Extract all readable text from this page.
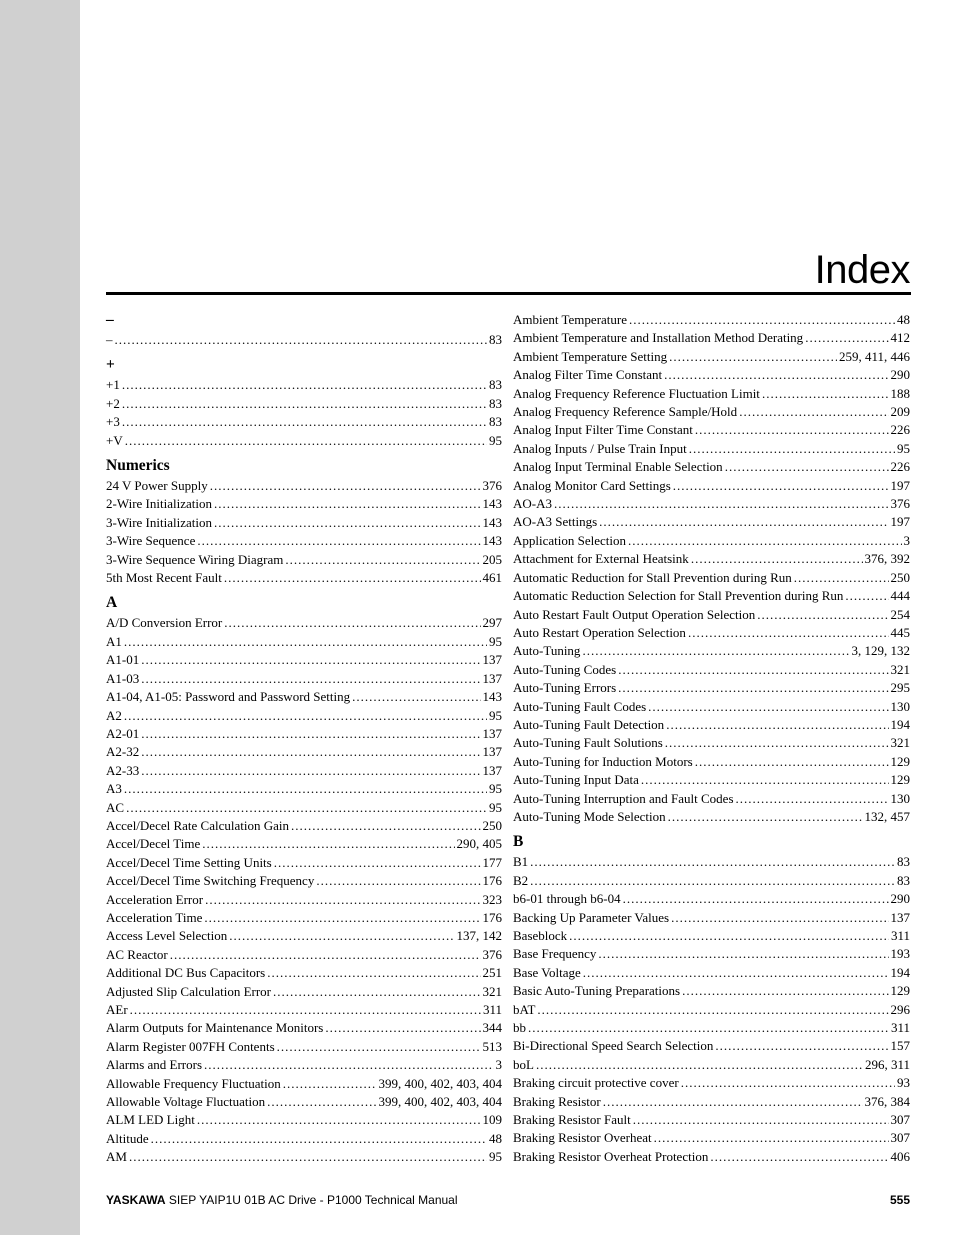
Index
–
– .....	83
+
+1 .....	83
+2 .....	83
+3 .....	83
+V .....	95
Numerics
24 V Power Supply .....	376
2-Wire Initialization .....	143
3-Wire Initialization .....	143
3-Wire Sequence .....	143
3-Wire Sequence Wiring Diagram .....	205
5th Most Recent Fault .....	461
A
A/D Conversion Error .....	297
A1 .....	95
A1-01 .....	137
A1-03 .....	137
A1-04, A1-05: Password and Password Setting .....	143
A2 .....	95
A2-01 .....	137
A2-32 .....	137
A2-33 .....	137
A3 .....	95
AC .....	95
Accel/Decel Rate Calculation Gain .....	250
Accel/Decel Time .....	290, 405
Accel/Decel Time Setting Units .....	177
Accel/Decel Time Switching Frequency .....	176
Acceleration Error .....	323
Acceleration Time .....	176
Access Level Selection .....	137, 142
AC Reactor .....	376
Additional DC Bus Capacitors .....	251
Adjusted Slip Calculation Error .....	321
AEr .....	311
Alarm Outputs for Maintenance Monitors .....	344
Alarm Register 007FH Contents .....	513
Alarms and Errors .....	3
Allowable Frequency Fluctuation .....	399, 400, 402, 403, 404
Allowable Voltage Fluctuation .....	399, 400, 402, 403, 404
ALM LED Light .....	109
Altitude .....	48
AM .....	95
Ambient Temperature .....	48
Ambient Temperature and Installation Method Derating .....	412
Ambient Temperature Setting .....	259, 411, 446
Analog Filter Time Constant .....	290
Analog Frequency Reference Fluctuation Limit .....	188
Analog Frequency Reference Sample/Hold .....	209
Analog Input Filter Time Constant .....	226
Analog Inputs / Pulse Train Input .....	95
Analog Input Terminal Enable Selection .....	226
Analog Monitor Card Settings .....	197
AO-A3 .....	376
AO-A3 Settings .....	197
Application Selection .....	3
Attachment for External Heatsink .....	376, 392
Automatic Reduction for Stall Prevention during Run .....	250
Automatic Reduction Selection for Stall Prevention during Run .....	444
Auto Restart Fault Output Operation Selection .....	254
Auto Restart Operation Selection .....	445
Auto-Tuning .....	3, 129, 132
Auto-Tuning Codes .....	321
Auto-Tuning Errors .....	295
Auto-Tuning Fault Codes .....	130
Auto-Tuning Fault Detection .....	194
Auto-Tuning Fault Solutions .....	321
Auto-Tuning for Induction Motors .....	129
Auto-Tuning Input Data .....	129
Auto-Tuning Interruption and Fault Codes .....	130
Auto-Tuning Mode Selection .....	132, 457
B
B1 .....	83
B2 .....	83
b6-01 through b6-04 .....	290
Backing Up Parameter Values .....	137
Baseblock .....	311
Base Frequency .....	193
Base Voltage .....	194
Basic Auto-Tuning Preparations .....	129
bAT .....	296
bb .....	311
Bi-Directional Speed Search Selection .....	157
boL .....	296, 311
Braking circuit protective cover .....	93
Braking Resistor .....	376, 384
Braking Resistor Fault .....	307
Braking Resistor Overheat .....	307
Braking Resistor Overheat Protection .....	406
YASKAWA SIEP YAIP1U 01B AC Drive - P1000 Technical Manual	555
